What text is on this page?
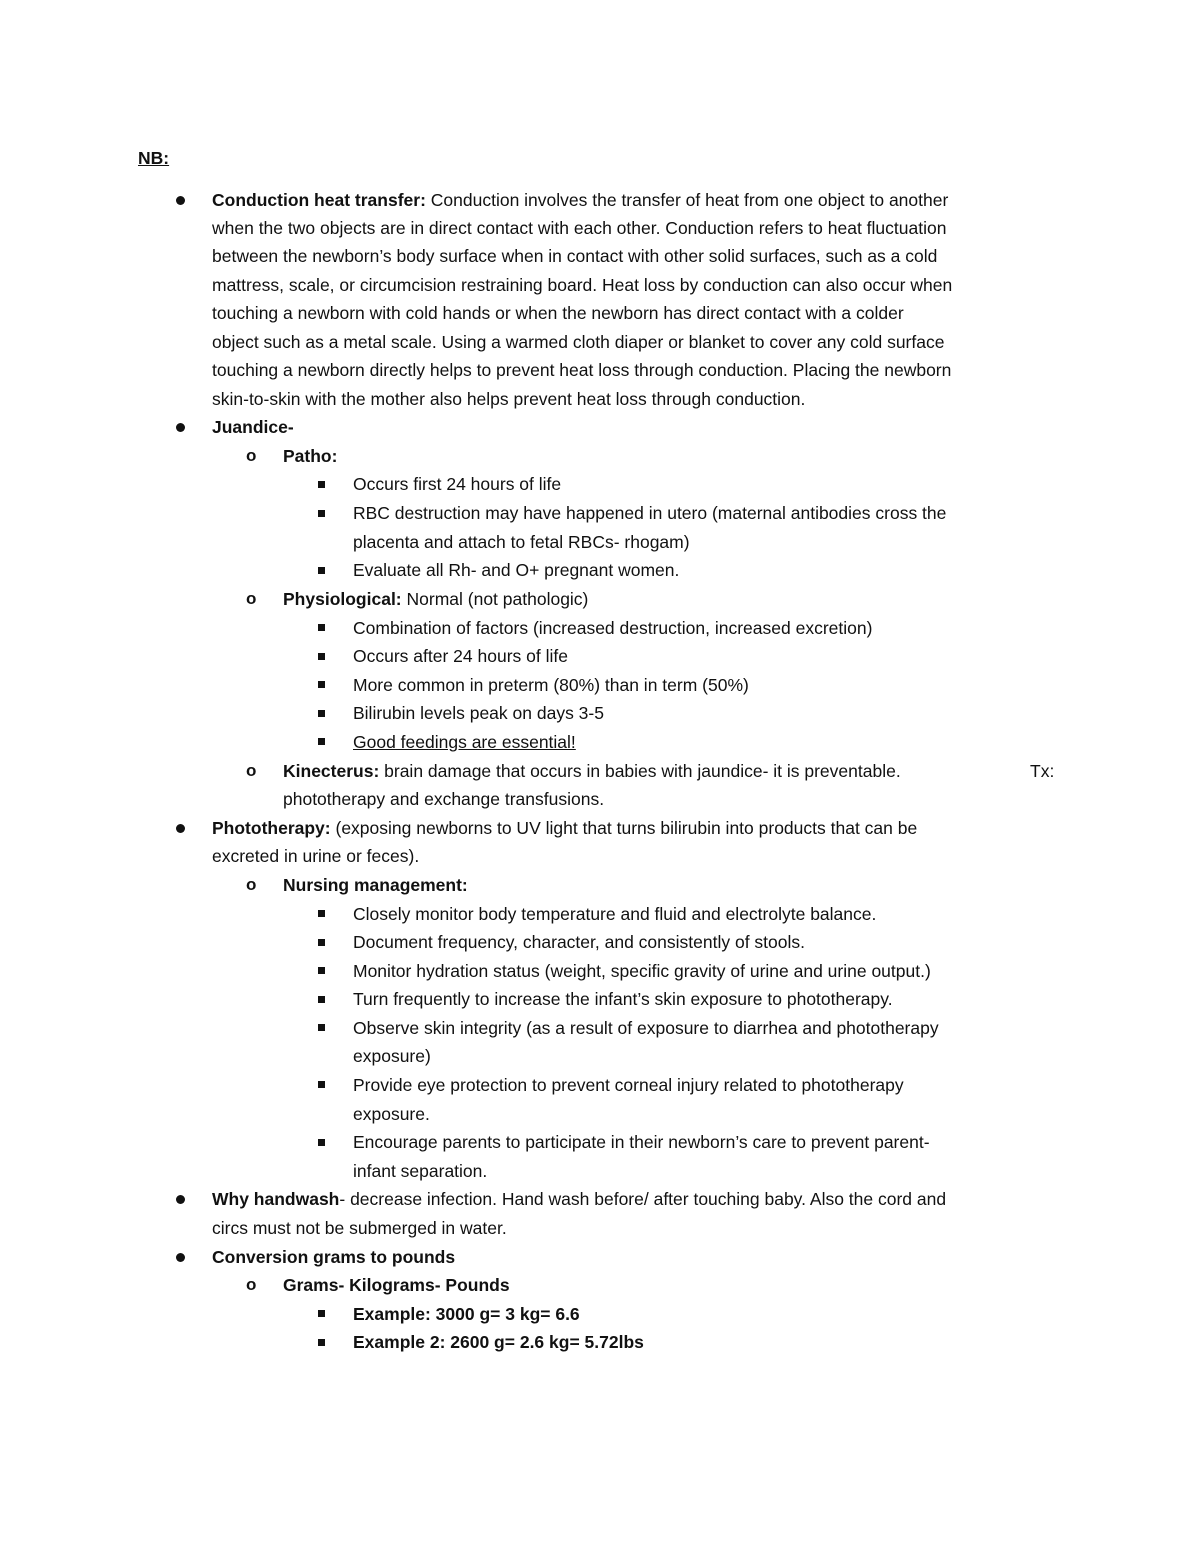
NB:
Conduction heat transfer: Conduction involves the transfer of heat from one object to another
when the two objects are in direct contact with each other. Conduction refers to heat fluctuation
between the newborn’s body surface when in contact with other solid surfaces, such as a cold
mattress, scale, or circumcision restraining board. Heat loss by conduction can also occur when
touching a newborn with cold hands or when the newborn has direct contact with a colder
object such as a metal scale. Using a warmed cloth diaper or blanket to cover any cold surface
touching a newborn directly helps to prevent heat loss through conduction. Placing the newborn
skin-to-skin with the mother also helps prevent heat loss through conduction.
Juandice-
o Patho:
Occurs first 24 hours of life
RBC destruction may have happened in utero (maternal antibodies cross the
placenta and attach to fetal RBCs- rhogam)
Evaluate all Rh- and O+ pregnant women.
o Physiological: Normal (not pathologic)
Combination of factors (increased destruction, increased excretion)
Occurs after 24 hours of life
More common in preterm (80%) than in term (50%)
Bilirubin levels peak on days 3-5
Good feedings are essential!
o Kinecterus: brain damage that occurs in babies with jaundice- it is preventable.	Tx:
phototherapy and exchange transfusions.
Phototherapy: (exposing newborns to UV light that turns bilirubin into products that can be
excreted in urine or feces).
o Nursing management:
Closely monitor body temperature and fluid and electrolyte balance.
Document frequency, character, and consistently of stools.
Monitor hydration status (weight, specific gravity of urine and urine output.)
Turn frequently to increase the infant’s skin exposure to phototherapy.
Observe skin integrity (as a result of exposure to diarrhea and phototherapy
exposure)
Provide eye protection to prevent corneal injury related to phototherapy
exposure.
Encourage parents to participate in their newborn’s care to prevent parent-
infant separation.
Why handwash- decrease infection. Hand wash before/ after touching baby. Also the cord and
circs must not be submerged in water.
Conversion grams to pounds
o Grams- Kilograms- Pounds
Example: 3000 g= 3 kg= 6.6
Example 2: 2600 g= 2.6 kg= 5.72lbs
